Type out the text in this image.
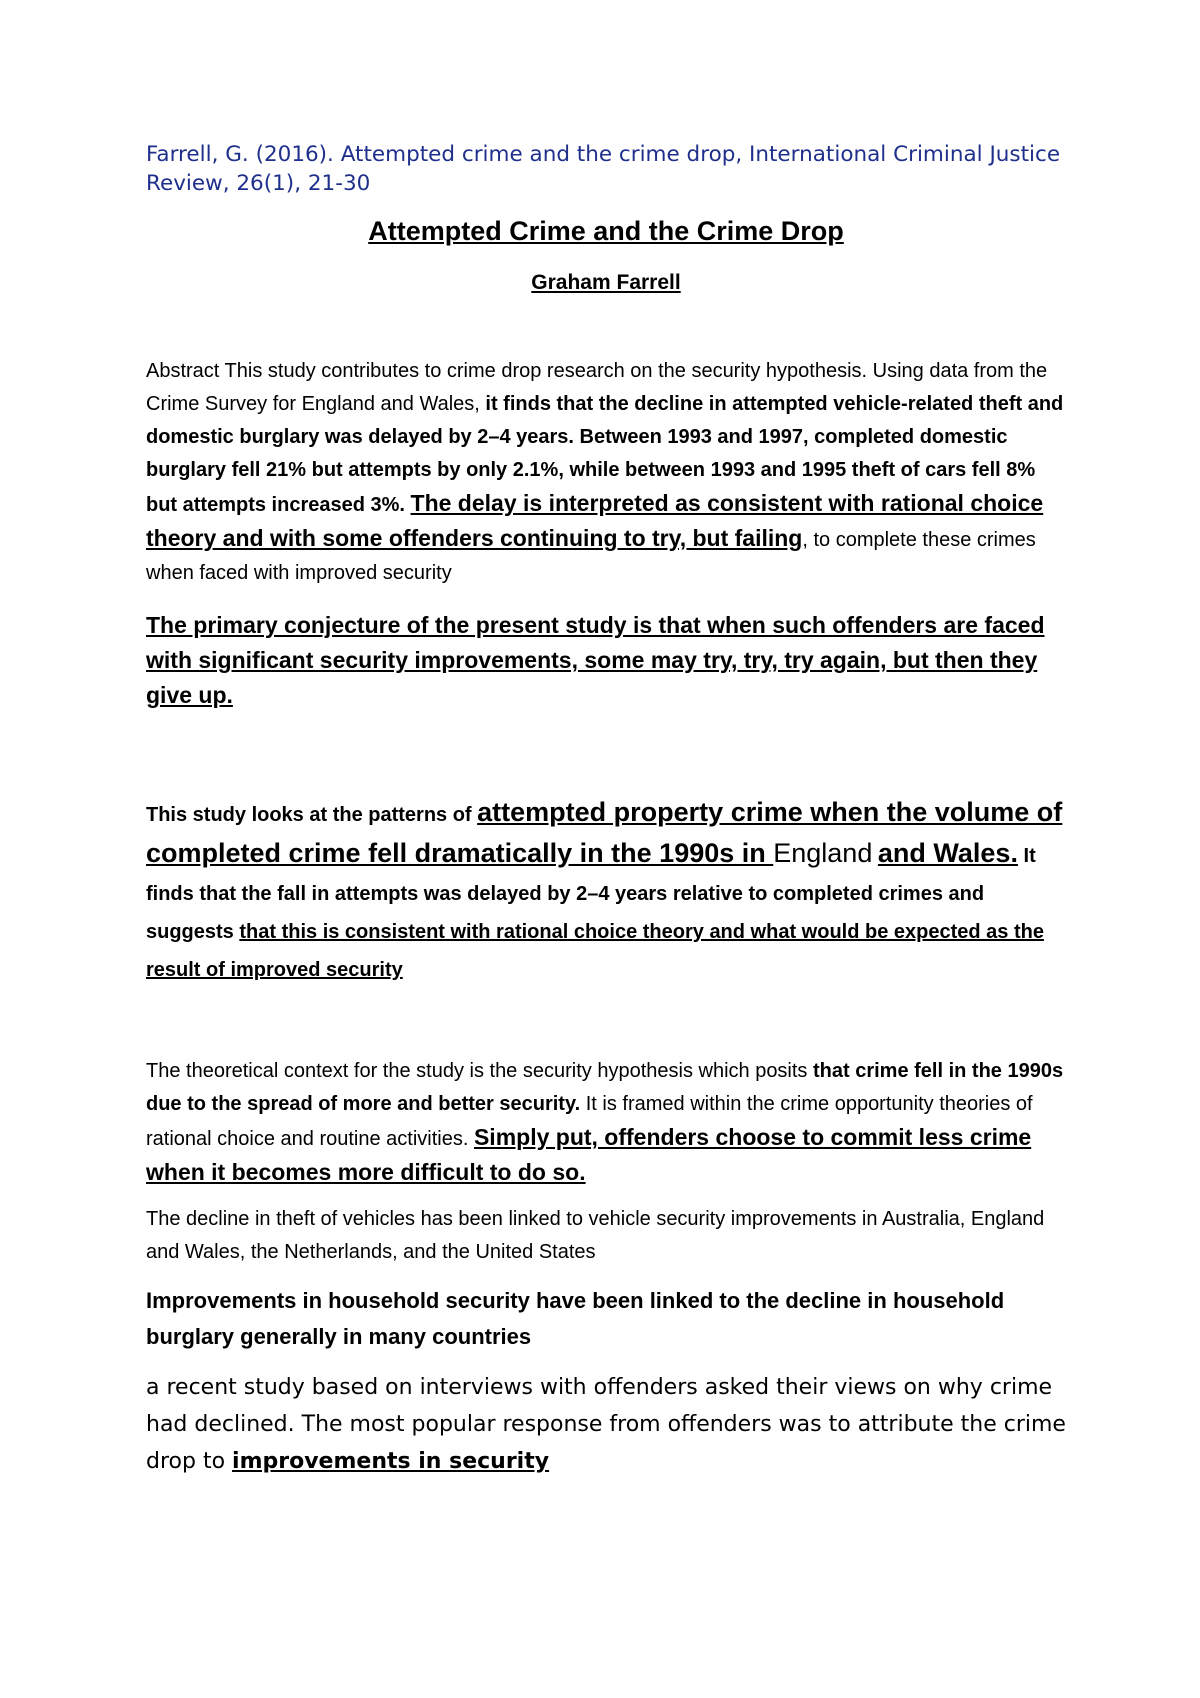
Farrell, G. (2016). Attempted crime and the crime drop, International Criminal Justice Review, 26(1), 21-30

Attempted Crime and the Crime Drop

Graham Farrell

Abstract This study contributes to crime drop research on the security hypothesis. Using data from the Crime Survey for England and Wales, it finds that the decline in attempted vehicle-related theft and domestic burglary was delayed by 2–4 years. Between 1993 and 1997, completed domestic burglary fell 21% but attempts by only 2.1%, while between 1993 and 1995 theft of cars fell 8% but attempts increased 3%. The delay is interpreted as consistent with rational choice theory and with some offenders continuing to try, but failing, to complete these crimes when faced with improved security

The primary conjecture of the present study is that when such offenders are faced with significant security improvements, some may try, try, try again, but then they give up.

This study looks at the patterns of attempted property crime when the volume of completed crime fell dramatically in the 1990s in England and Wales. It finds that the fall in attempts was delayed by 2–4 years relative to completed crimes and suggests that this is consistent with rational choice theory and what would be expected as the result of improved security

The theoretical context for the study is the security hypothesis which posits that crime fell in the 1990s due to the spread of more and better security. It is framed within the crime opportunity theories of rational choice and routine activities. Simply put, offenders choose to commit less crime when it becomes more difficult to do so.

The decline in theft of vehicles has been linked to vehicle security improvements in Australia, England and Wales, the Netherlands, and the United States

Improvements in household security have been linked to the decline in household burglary generally in many countries

a recent study based on interviews with offenders asked their views on why crime had declined. The most popular response from offenders was to attribute the crime drop to improvements in security
